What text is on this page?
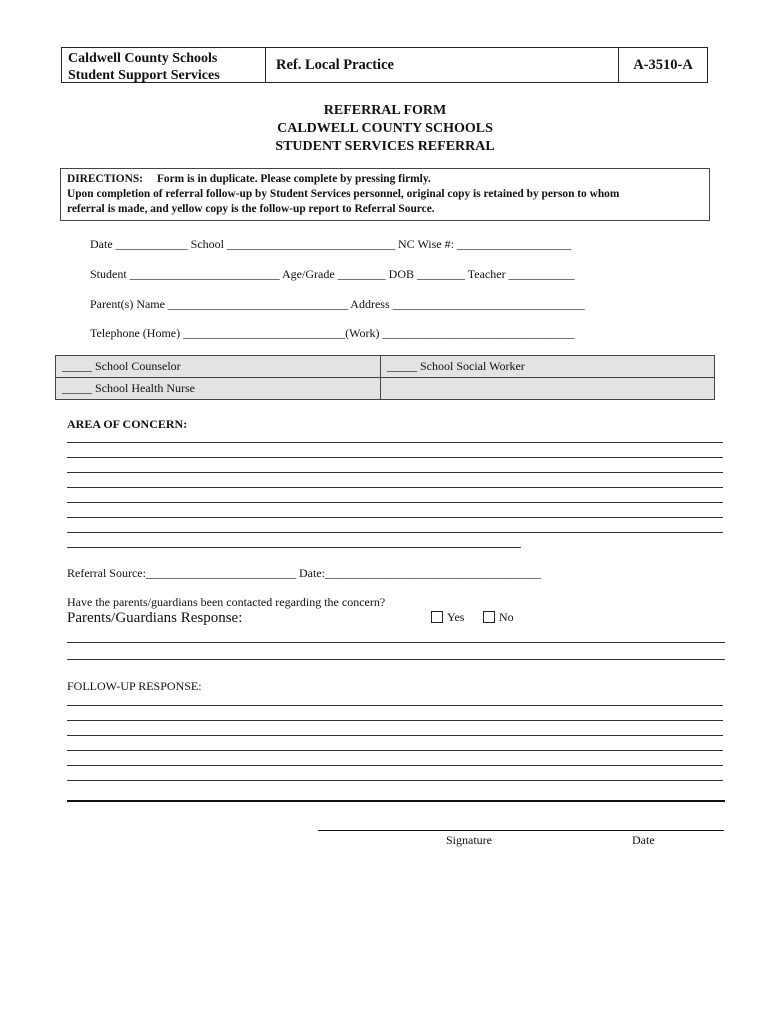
Caldwell County Schools
Student Support Services
Ref. Local Practice	A-3510-A
REFERRAL FORM
CALDWELL COUNTY SCHOOLS
STUDENT SERVICES REFERRAL
DIRECTIONS: Form is in duplicate. Please complete by pressing firmly.
Upon completion of referral follow-up by Student Services personnel, original copy is retained by person to whom
referral is made, and yellow copy is the follow-up report to Referral Source.
Date ____________ School ____________________________ NC Wise #: ___________________
Student _________________________ Age/Grade ________ DOB ________ Teacher ___________
Parent(s) Name ______________________________ Address ________________________________
Telephone (Home) ___________________________(Work) ________________________________
_____ School Counselor	_____ School Social Worker
_____ School Health Nurse
AREA OF CONCERN:
Referral Source:_________________________ Date:____________________________________
Have the parents/guardians been contacted regarding the concern?

Yes	No

Parents/Guardians Response:
FOLLOW-UP RESPONSE:
Signature	Date
